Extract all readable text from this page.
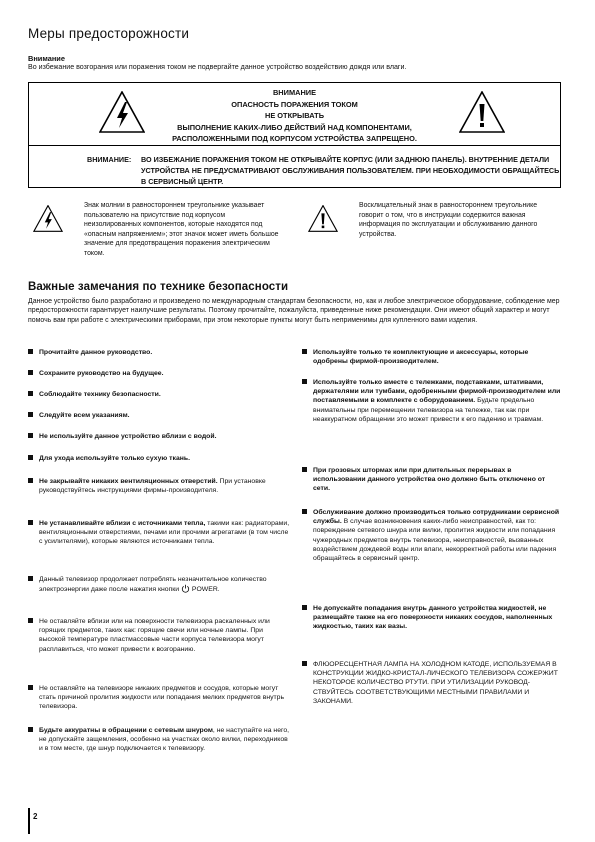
Меры предосторожности
Внимание
Во избежание возгорания или поражения током не подвергайте данное устройство воздействию дождя или влаги.
ВНИМАНИЕ
ОПАСНОСТЬ ПОРАЖЕНИЯ ТОКОМ
НЕ ОТКРЫВАТЬ
ВЫПОЛНЕНИЕ КАКИХ-ЛИБО ДЕЙСТВИЙ НАД КОМПОНЕНТАМИ,
РАСПОЛОЖЕННЫМИ ПОД КОРПУСОМ УСТРОЙСТВА ЗАПРЕЩЕНО.
ВНИМАНИЕ: ВО ИЗБЕЖАНИЕ ПОРАЖЕНИЯ ТОКОМ НЕ ОТКРЫВАЙТЕ КОРПУС (ИЛИ ЗАДНЮЮ ПАНЕЛЬ). ВНУТРЕННИЕ ДЕТАЛИ УСТРОЙСТВА НЕ ПРЕДУСМАТРИВАЮТ ОБСЛУЖИВАНИЯ ПОЛЬЗОВАТЕЛЕМ. ПРИ НЕОБХОДИМОСТИ ОБРАЩАЙТЕСЬ В СЕРВИСНЫЙ ЦЕНТР.
Знак молнии в равностороннем треугольнике указывает пользователю на присутствие под корпусом неизолированных компонентов, которые находятся под «опасным напряжением»; этот значок может иметь большое значение для предотвращения поражения электрическим током.
Восклицательный знак в равностороннем треугольнике говорит о том, что в инструкции содержится важная информация по эксплуатации и обслуживанию данного устройства.
Важные замечания по технике безопасности
Данное устройство было разработано и произведено по международным стандартам безопасности, но, как и любое электрическое оборудование, соблюдение мер предосторожности гарантирует наилучшие результаты. Поэтому прочитайте, пожалуйста, приведенные ниже рекомендации. Они имеют общий характер и могут помочь вам при работе с электрическими приборами, при этом некоторые пункты могут быть неприменимы для купленного вами изделия.
Прочитайте данное руководство.
Сохраните руководство на будущее.
Соблюдайте технику безопасности.
Следуйте всем указаниям.
Не используйте данное устройство вблизи с водой.
Для ухода используйте только сухую ткань.
Не закрывайте никаких вентиляционных отверстий. При установке руководствуйтесь инструкциями фирмы-производителя.
Не устанавливайте вблизи с источниками тепла, такими как: радиаторами, вентиляционными отверстиями, печами или прочими агрегатами (в том числе с усилителями), которые являются источниками тепла.
Данный телевизор продолжает потреблять незначительное количество электроэнергии даже после нажатия кнопки POWER.
Не оставляйте вблизи или на поверхности телевизора раскаленных или горящих предметов, таких как: горящие свечи или ночные лампы. При высокой температуре пластмассовые части корпуса телевизора могут расплавиться, что может привести к возгоранию.
Не оставляйте на телевизоре никаких предметов и сосудов, которые могут стать причиной пролития жидкости или попадания мелких предметов внутрь телевизора.
Будьте аккуратны в обращении с сетевым шнуром, не наступайте на него, не допускайте защемления, особенно на участках около вилки, переходников и в том месте, где шнур подключается к телевизору.
Используйте только те комплектующие и аксессуары, которые одобрены фирмой-производителем.
Используйте только вместе с тележками, подставками, штативами, держателями или тумбами, одобренными фирмой-производителем или поставляемыми в комплекте с оборудованием. Будьте предельно внимательны при перемещении телевизора на тележке, так как при неаккуратном обращении это может привести к его падению и травмам.
При грозовых штормах или при длительных перерывах в использовании данного устройства оно должно быть отключено от сети.
Обслуживание должно производиться только сотрудниками сервисной службы. В случае возникновения каких-либо неисправностей, как то: повреждение сетевого шнура или вилки, пролития жидкости или попадания чужеродных предметов внутрь телевизора, неисправностей, вызванных воздействием дождевой воды или влаги, некорректной работы или падения обращайтесь в сервисный центр.
Не допускайте попадания внутрь данного устройства жидкостей, не размещайте также на его поверхности никаких сосудов, наполненных жидкостью, таких как вазы.
ФЛЮОРЕСЦЕНТНАЯ ЛАМПА НА ХОЛОДНОМ КАТОДЕ, ИСПОЛЬЗУЕМАЯ В КОНСТРУКЦИИ ЖИДКО-КРИСТАЛ-ЛИЧЕСКОГО ТЕЛЕВИЗОРА СОЖЕРЖИТ НЕКОТОРОЕ КОЛИЧЕСТВО РТУТИ. ПРИ УТИЛИЗАЦИИ РУКОВОД-СТВУЙТЕСЬ СООТВЕТСТВУЮЩИМИ МЕСТНЫМИ ПРАВИЛАМИ И ЗАКОНАМИ.
2
